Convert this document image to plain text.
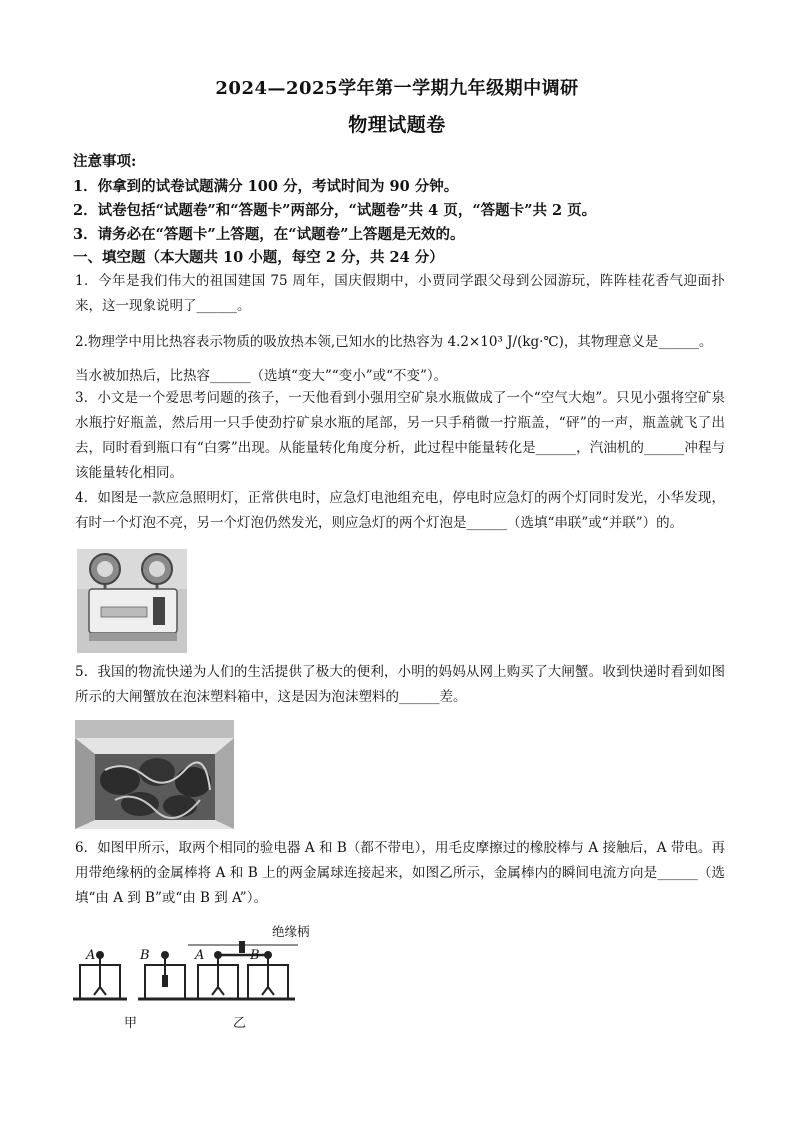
2024—2025学年第一学期九年级期中调研
物理试题卷
注意事项:
1．你拿到的试卷试题满分 100 分，考试时间为 90 分钟。
2．试卷包括“试题卷”和“答题卡”两部分，“试题卷”共 4 页，“答题卡”共 2 页。
3．请务必在“答题卡”上答题，在“试题卷”上答题是无效的。
一、填空题（本大题共 10 小题，每空 2 分，共 24 分）
1．今年是我们伟大的祖国建国 75 周年，国庆假期中，小贾同学跟父母到公园游玩，阵阵桂花香气迎面扑来，这一现象说明了______。
2.物理学中用比热容表示物质的吸放热本领,已知水的比热容为 4.2×10³ J/(kg·℃)，其物理意义是______。
当水被加热后，比热容______（选填“变大”“变小”或“不变”）。
3．小文是一个爱思考问题的孩子，一天他看到小强用空矿泉水瓶做成了一个“空气大炮”。只见小强将空矿泉水瓶拧好瓶盖，然后用一只手使劲拧矿泉水瓶的尾部，另一只手稍微一拧瓶盖，“砰”的一声，瓶盖就飞了出去，同时看到瓶口有“白雾”出现。从能量转化角度分析，此过程中能量转化是______，汽油机的______冲程与该能量转化相同。
4．如图是一款应急照明灯，正常供电时，应急灯电池组充电，停电时应急灯的两个灯同时发光，小华发现，有时一个灯泡不亮，另一个灯泡仍然发光，则应急灯的两个灯泡是______（选填“串联”或“并联”）的。
5．我国的物流快递为人们的生活提供了极大的便利，小明的妈妈从网上购买了大闸蟹。收到快递时看到如图所示的大闸蟹放在泡沫塑料箱中，这是因为泡沫塑料的______差。
6．如图甲所示，取两个相同的验电器 A 和 B（都不带电），用毛皮摩擦过的橡胶棒与 A 接触后，A 带电。再用带绝缘柄的金属棒将 A 和 B 上的两金属球连接起来，如图乙所示，金属棒内的瞬间电流方向是______（选填“由 A 到 B”或“由 B 到 A”）。
绝缘柄
A	B	A	B
甲	乙
